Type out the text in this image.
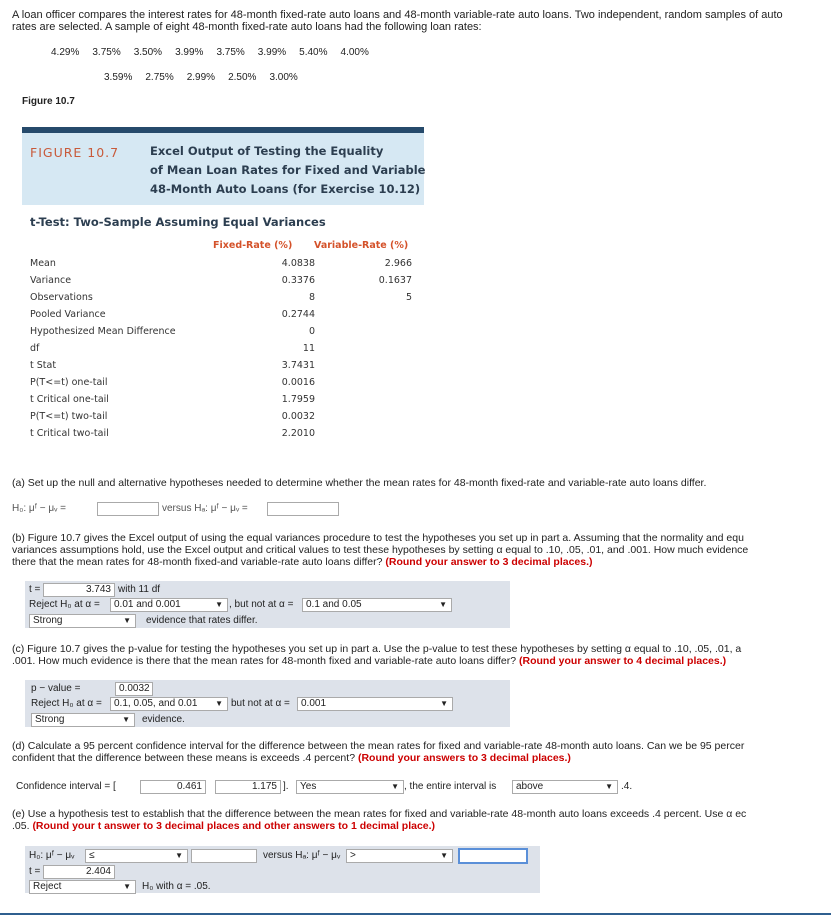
A loan officer compares the interest rates for 48-month fixed-rate auto loans and 48-month variable-rate auto loans. Two independent, random samples of auto
rates are selected. A sample of eight 48-month fixed-rate auto loans had the following loan rates:
4.29% 3.75% 3.50% 3.99% 3.75% 3.99% 5.40% 4.00%
3.59% 2.75% 2.99% 2.50% 3.00%
Figure 10.7
FIGURE 10.7	Excel Output of Testing the Equality
of Mean Loan Rates for Fixed and Variable
48-Month Auto Loans (for Exercise 10.12)
t-Test: Two-Sample Assuming Equal Variances
Fixed-Rate (%) Variable-Rate (%)
Mean	4.0838	2.966
Variance	0.3376	0.1637
Observations	8	5
Pooled Variance	0.2744
Hypothesized Mean Difference	0
df	11
t Stat	3.7431
P(T<=t) one-tail	0.0016
t Critical one-tail	1.7959
P(T<=t) two-tail	0.0032
t Critical two-tail	2.2010
(a) Set up the null and alternative hypotheses needed to determine whether the mean rates for 48-month fixed-rate and variable-rate auto loans differ.
H₀: μᶠ − μᵥ =	versus Hₐ: μᶠ − μᵥ =
(b) Figure 10.7 gives the Excel output of using the equal variances procedure to test the hypotheses you set up in part a. Assuming that the normality and equ
variances assumptions hold, use the Excel output and critical values to test these hypotheses by setting α equal to .10, .05, .01, and .001. How much evidence
there that the mean rates for 48-month fixed-and variable-rate auto loans differ? (Round your answer to 3 decimal places.)
t =	3.743 with 11 df
Reject H₀ at α =	0.01 and 0.001	▼ , but not at α =	0.1 and 0.05	▼
Strong	▼ evidence that rates differ.
(c) Figure 10.7 gives the p-value for testing the hypotheses you set up in part a. Use the p-value to test these hypotheses by setting α equal to .10, .05, .01, a
.001. How much evidence is there that the mean rates for 48-month fixed and variable-rate auto loans differ? (Round your answer to 4 decimal places.)
p − value =	0.0032
Reject H₀ at α =	0.1, 0.05, and 0.01 ▼ but not at α =	0.001	▼
Strong	▼ evidence.
(d) Calculate a 95 percent confidence interval for the difference between the mean rates for fixed and variable-rate 48-month auto loans. Can we be 95 percer
confident that the difference between these means is exceeds .4 percent? (Round your answers to 3 decimal places.)
Confidence interval = [	0.461	1.175 ].	Yes	▼ , the entire interval is	above	▼ .4.
(e) Use a hypothesis test to establish that the difference between the mean rates for fixed and variable-rate 48-month auto loans exceeds .4 percent. Use α ec
.05. (Round your t answer to 3 decimal places and other answers to 1 decimal place.)
H₀: μᶠ − μᵥ	≤	▼	versus Hₐ: μᶠ − μᵥ >	▼
t =	2.404
Reject	▼ H₀ with α = .05.
